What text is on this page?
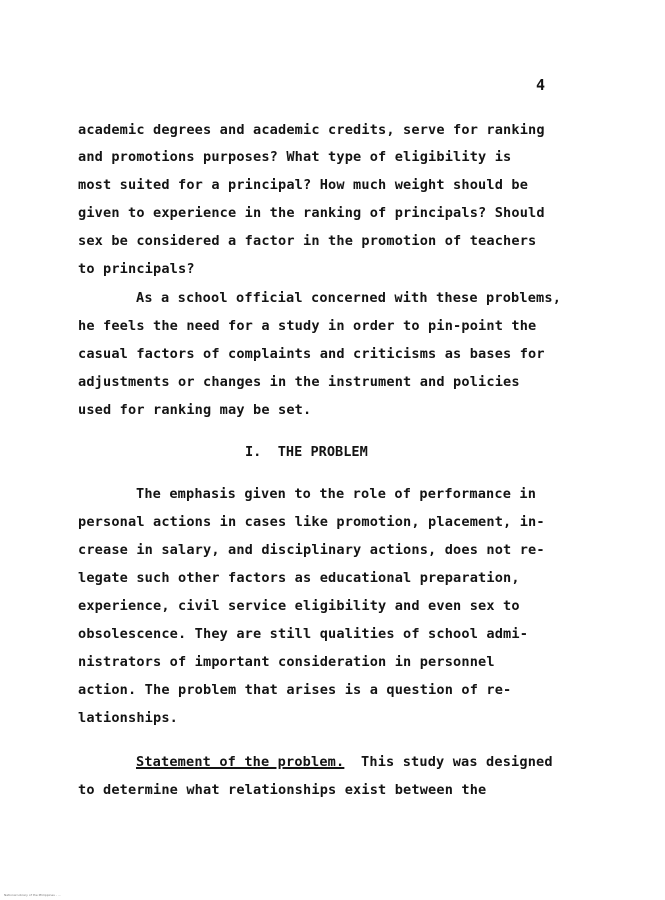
4
academic degrees and academic credits, serve for ranking
and promotions purposes? What type of eligibility is
most suited for a principal? How much weight should be
given to experience in the ranking of principals? Should
sex be considered a factor in the promotion of teachers
to principals?
As a school official concerned with these problems,
he feels the need for a study in order to pin-point the
casual factors of complaints and criticisms as bases for
adjustments or changes in the instrument and policies
used for ranking may be set.
I.  THE PROBLEM
The emphasis given to the role of performance in
personal actions in cases like promotion, placement, in-
crease in salary, and disciplinary actions, does not re-
legate such other factors as educational preparation,
experience, civil service eligibility and even sex to
obsolescence. They are still qualities of school admi-
nistrators of important consideration in personnel
action. The problem that arises is a question of re-
lationships.
Statement of the problem.  This study was designed
to determine what relationships exist between the
National Library of the Philippines - ...
